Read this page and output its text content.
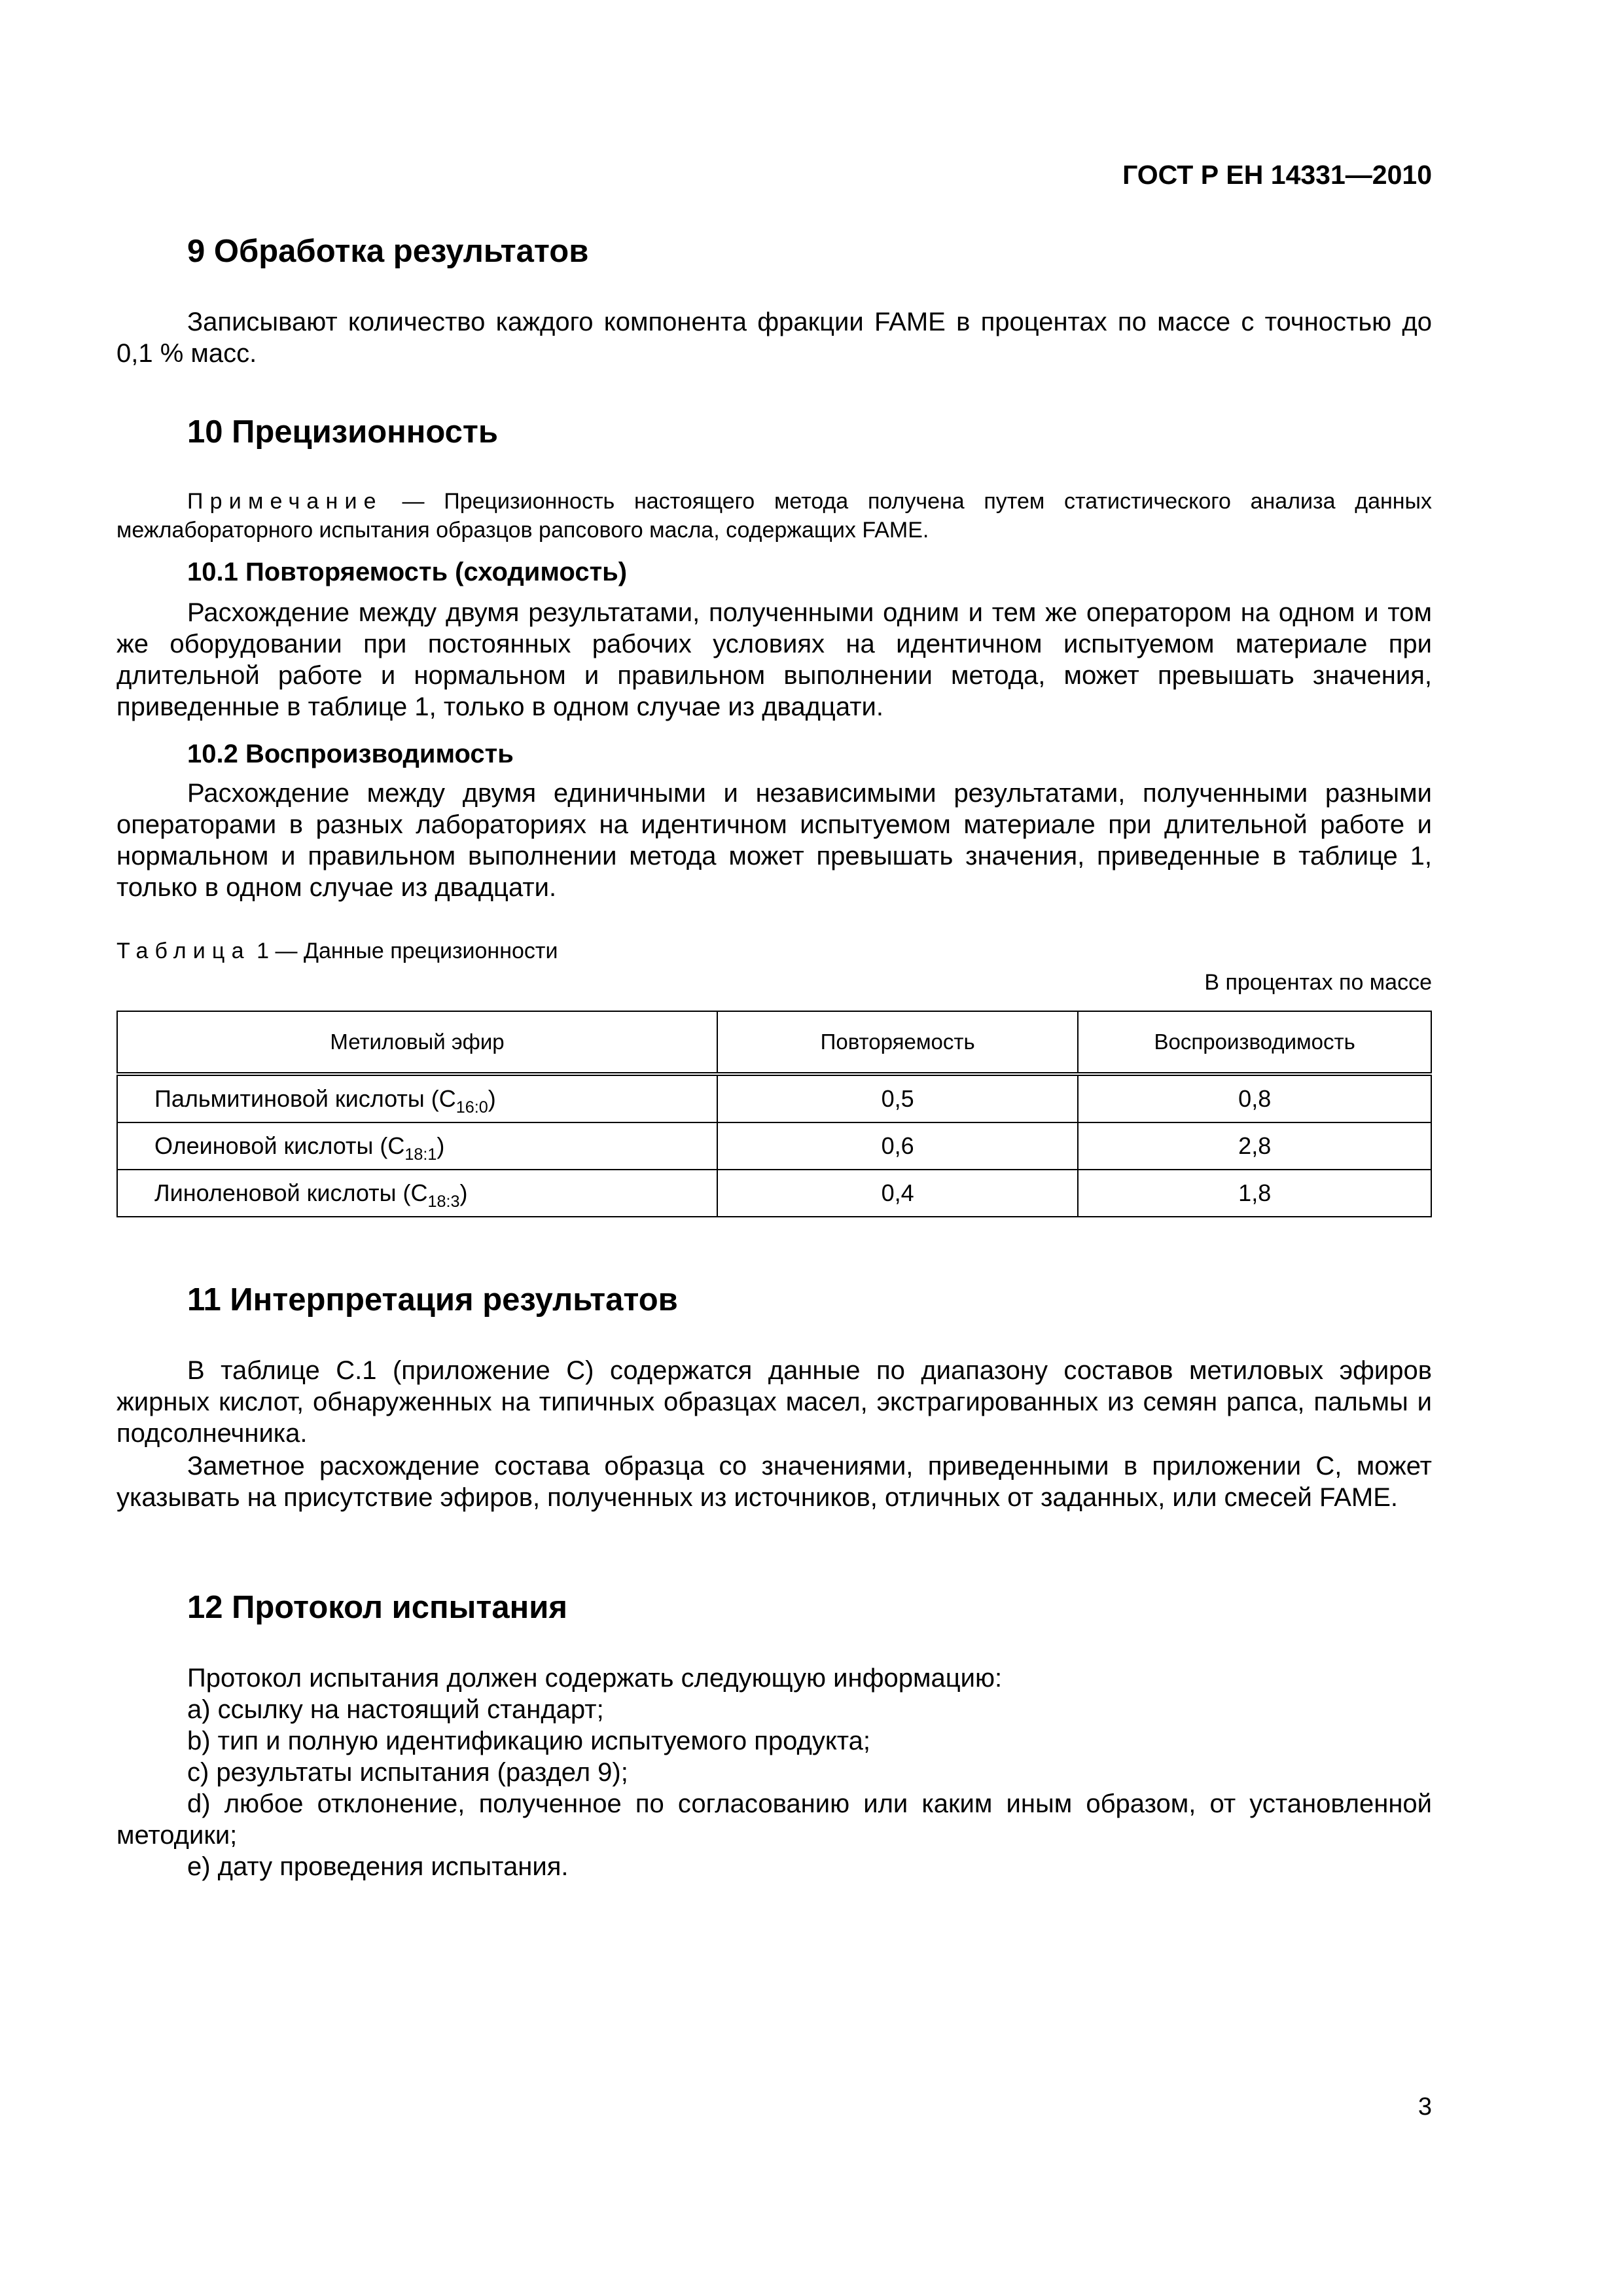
ГОСТ Р ЕН 14331—2010
9 Обработка результатов

Записывают количество каждого компонента фракции FAME в процентах по массе с точностью до 0,1 % масс.

10 Прецизионность

Примечание — Прецизионность настоящего метода получена путем статистического анализа данных межлабораторного испытания образцов рапсового масла, содержащих FAME.

10.1 Повторяемость (сходимость)

Расхождение между двумя результатами, полученными одним и тем же оператором на одном и том же оборудовании при постоянных рабочих условиях на идентичном испытуемом материале при длительной работе и нормальном и правильном выполнении метода, может превышать значения, приведенные в таблице 1, только в одном случае из двадцати.

10.2 Воспроизводимость

Расхождение между двумя единичными и независимыми результатами, полученными разными операторами в разных лабораториях на идентичном испытуемом материале при длительной работе и нормальном и правильном выполнении метода может превышать значения, приведенные в таблице 1, только в одном случае из двадцати.

Таблица 1 — Данные прецизионности
В процентах по массе
Метиловый эфир	Повторяемость	Воспроизводимость
Пальмитиновой кислоты $(C_{16:0})$	0,5	0,8
Олеиновой кислоты $(C_{18:1})$	0,6	2,8
Линоленовой кислоты $(C_{18:3})$	0,4	1,8
11 Интерпретация результатов

В таблице С.1 (приложение С) содержатся данные по диапазону составов метиловых эфиров жирных кислот, обнаруженных на типичных образцах масел, экстрагированных из семян рапса, пальмы и подсолнечника.

Заметное расхождение состава образца со значениями, приведенными в приложении С, может указывать на присутствие эфиров, полученных из источников, отличных от заданных, или смесей FAME.

12 Протокол испытания

Протокол испытания должен содержать следующую информацию:

a) ссылку на настоящий стандарт;

b) тип и полную идентификацию испытуемого продукта;

c) результаты испытания (раздел 9);

d) любое отклонение, полученное по согласованию или каким иным образом, от установленной методики;

e) дату проведения испытания.

3
